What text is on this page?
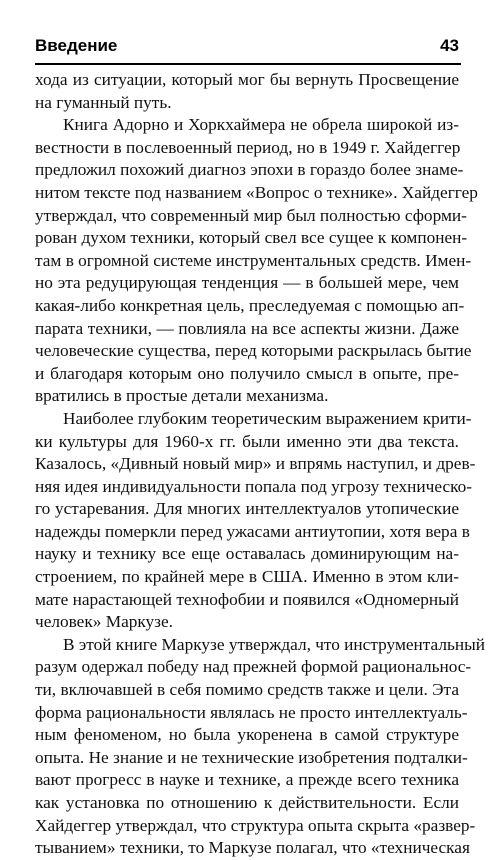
Введение	43
хода из ситуации, который мог бы вернуть Просвещение
на гуманный путь.
Книга Адорно и Хоркхаймера не обрела широкой из-
вестности в послевоенный период, но в 1949 г. Хайдеггер
предложил похожий диагноз эпохи в гораздо более знаме-
нитом тексте под названием «Вопрос о технике». Хайдеггер
утверждал, что современный мир был полностью сформи-
рован духом техники, который свел все сущее к компонен-
там в огромной системе инструментальных средств. Имен-
но эта редуцирующая тенденция — в большей мере, чем
какая-либо конкретная цель, преследуемая с помощью ап-
парата техники, — повлияла на все аспекты жизни. Даже
человеческие существа, перед которыми раскрылась бытие
и благодаря которым оно получило смысл в опыте, пре-
вратились в простые детали механизма.
Наиболее глубоким теоретическим выражением крити-
ки культуры для 1960-х гг. были именно эти два текста.
Казалось, «Дивный новый мир» и впрямь наступил, и древ-
няя идея индивидуальности попала под угрозу техническо-
го устаревания. Для многих интеллектуалов утопические
надежды померкли перед ужасами антиутопии, хотя вера в
науку и технику все еще оставалась доминирующим на-
строением, по крайней мере в США. Именно в этом кли-
мате нарастающей технофобии и появился «Одномерный
человек» Маркузе.
В этой книге Маркузе утверждал, что инструментальный
разум одержал победу над прежней формой рациональнос-
ти, включавшей в себя помимо средств также и цели. Эта
форма рациональности являлась не просто интеллектуаль-
ным феноменом, но была укоренена в самой структуре
опыта. Не знание и не технические изобретения подталки-
вают прогресс в науке и технике, а прежде всего техника
как установка по отношению к действительности. Если
Хайдеггер утверждал, что структура опыта скрыта «развер-
тыванием» техники, то Маркузе полагал, что «техническая
